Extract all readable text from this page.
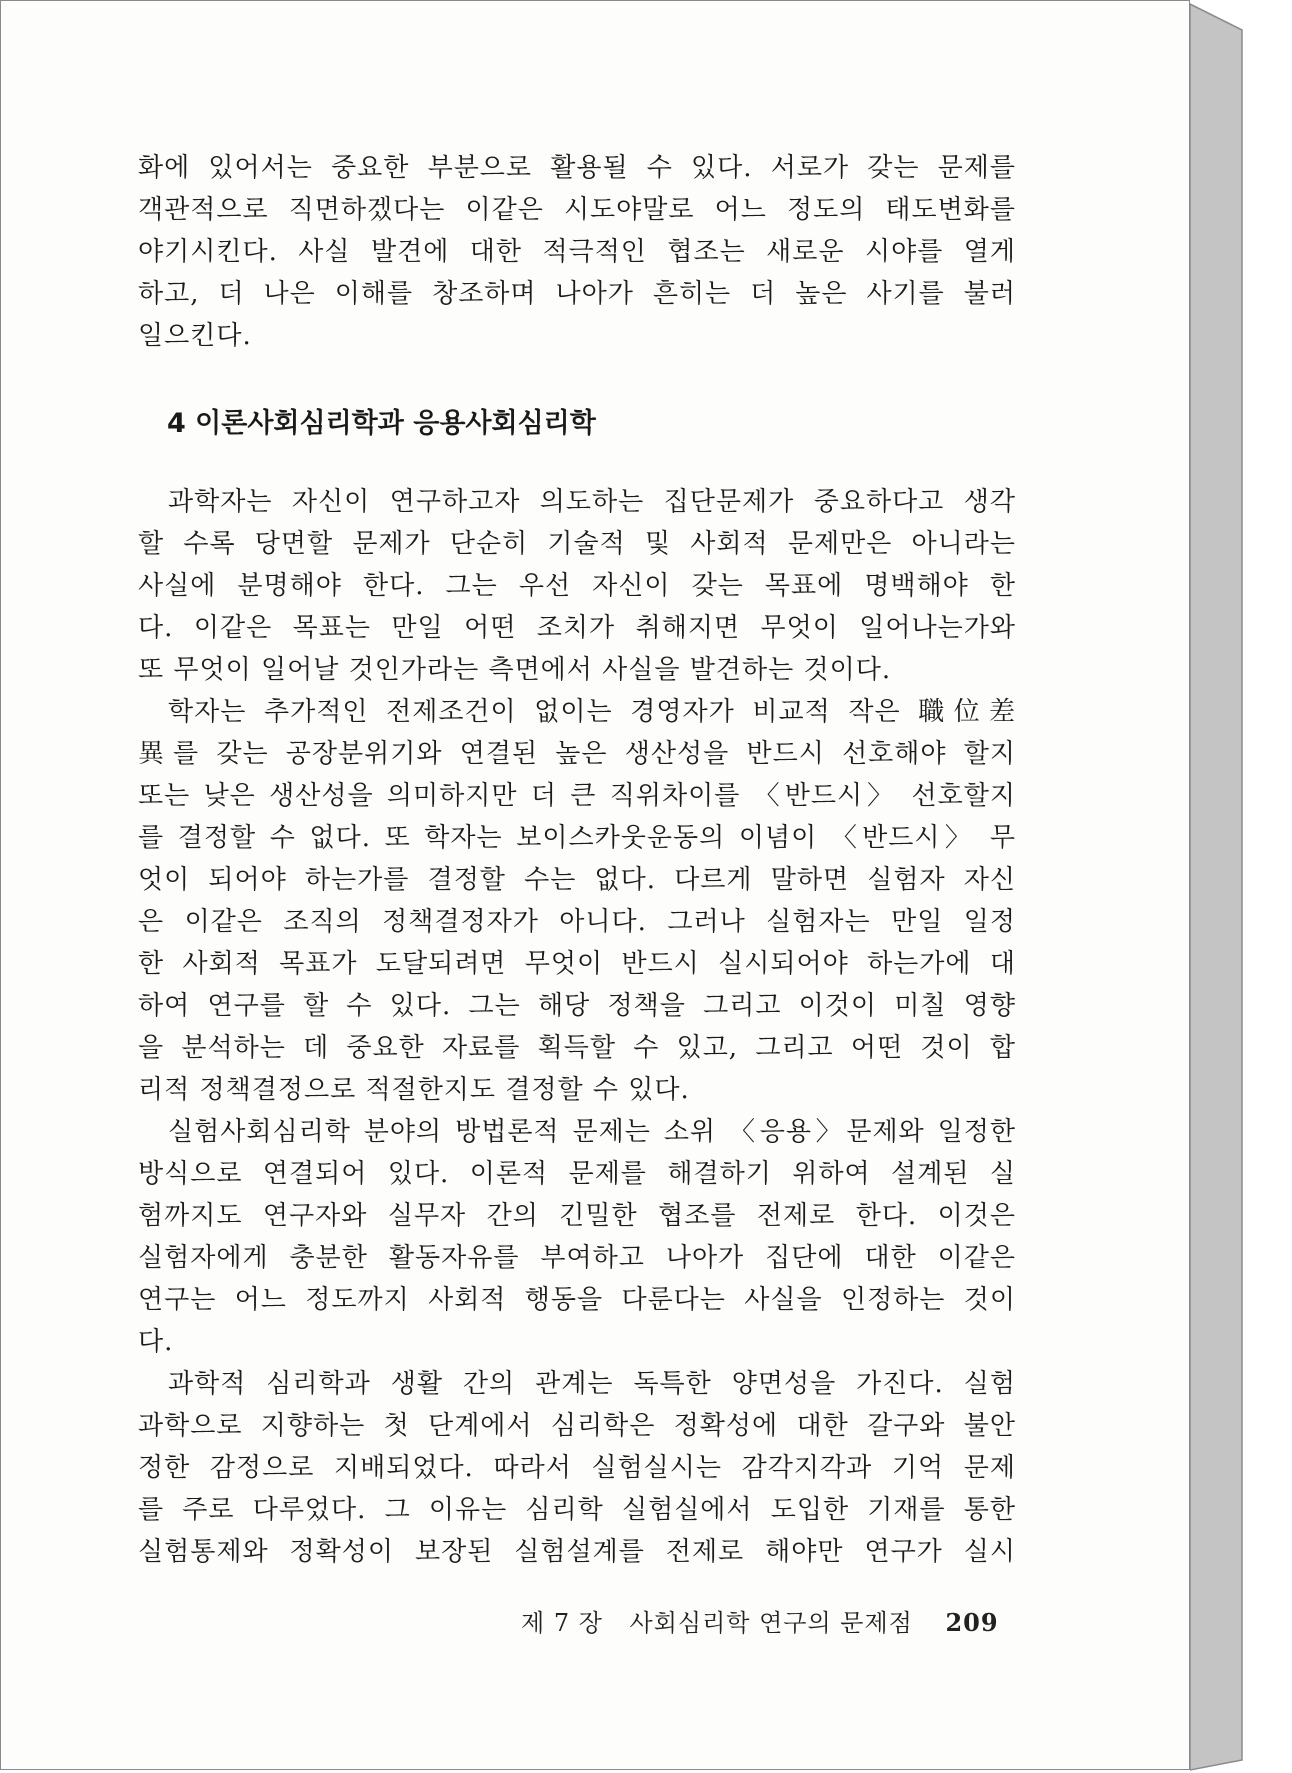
화에 있어서는 중요한 부분으로 활용될 수 있다. 서로가 갖는 문제를
객관적으로 직면하겠다는 이같은 시도야말로 어느 정도의 태도변화를
야기시킨다. 사실 발견에 대한 적극적인 협조는 새로운 시야를 열게
하고, 더 나은 이해를 창조하며 나아가 흔히는 더 높은 사기를 불러
일으킨다.
4 이론사회심리학과 응용사회심리학
과학자는 자신이 연구하고자 의도하는 집단문제가 중요하다고 생각
할 수록 당면할 문제가 단순히 기술적 및 사회적 문제만은 아니라는
사실에 분명해야 한다. 그는 우선 자신이 갖는 목표에 명백해야 한
다. 이같은 목표는 만일 어떤 조치가 취해지면 무엇이 일어나는가와
또 무엇이 일어날 것인가라는 측면에서 사실을 발견하는 것이다.
학자는 추가적인 전제조건이 없이는 경영자가 비교적 작은 職位差
異를 갖는 공장분위기와 연결된 높은 생산성을 반드시 선호해야 할지
또는 낮은 생산성을 의미하지만 더 큰 직위차이를 〈반드시〉 선호할지
를 결정할 수 없다. 또 학자는 보이스카웃운동의 이념이 〈반드시〉 무
엇이 되어야 하는가를 결정할 수는 없다. 다르게 말하면 실험자 자신
은 이같은 조직의 정책결정자가 아니다. 그러나 실험자는 만일 일정
한 사회적 목표가 도달되려면 무엇이 반드시 실시되어야 하는가에 대
하여 연구를 할 수 있다. 그는 해당 정책을 그리고 이것이 미칠 영향
을 분석하는 데 중요한 자료를 획득할 수 있고, 그리고 어떤 것이 합
리적 정책결정으로 적절한지도 결정할 수 있다.
실험사회심리학 분야의 방법론적 문제는 소위 〈응용〉문제와 일정한
방식으로 연결되어 있다. 이론적 문제를 해결하기 위하여 설계된 실
험까지도 연구자와 실무자 간의 긴밀한 협조를 전제로 한다. 이것은
실험자에게 충분한 활동자유를 부여하고 나아가 집단에 대한 이같은
연구는 어느 정도까지 사회적 행동을 다룬다는 사실을 인정하는 것이
다.
과학적 심리학과 생활 간의 관계는 독특한 양면성을 가진다. 실험
과학으로 지향하는 첫 단계에서 심리학은 정확성에 대한 갈구와 불안
정한 감정으로 지배되었다. 따라서 실험실시는 감각지각과 기억 문제
를 주로 다루었다. 그 이유는 심리학 실험실에서 도입한 기재를 통한
실험통제와 정확성이 보장된 실험설계를 전제로 해야만 연구가 실시
제 7 장 사회심리학 연구의 문제점 209
